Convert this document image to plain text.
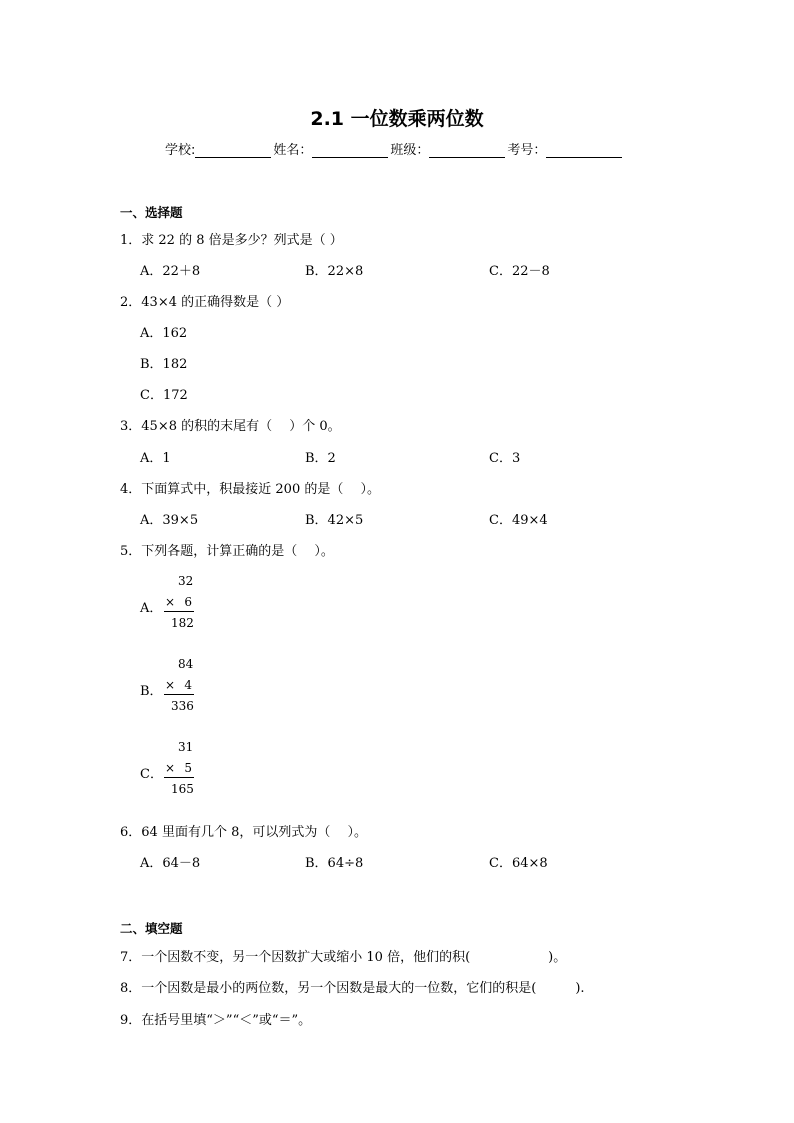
2.1 一位数乘两位数
学校:	姓名：	班级：	考号：
一、选择题
1．求 22 的 8 倍是多少？列式是（ ）
A．22＋8	B．22×8	C．22－8
2．43×4 的正确得数是（ ）
A．162
B．182
C．172
3．45×8 的积的末尾有（　 ）个 0。
A．1	B．2	C．3
4．下面算式中，积最接近 200 的是（　 ）。
A．39×5	B．42×5	C．49×4
5．下列各题，计算正确的是（　 ）。
A．
32
× 6
182
B．
84
× 4
336
C．
31
× 5
165
6．64 里面有几个 8，可以列式为（　 ）。
A．64－8	B．64÷8	C．64×8
二、填空题
7．一个因数不变，另一个因数扩大或缩小 10 倍，他们的积(　　　　　　)。
8．一个因数是最小的两位数，另一个因数是最大的一位数，它们的积是(　　　).
9．在括号里填“＞”“＜”或“＝”。
